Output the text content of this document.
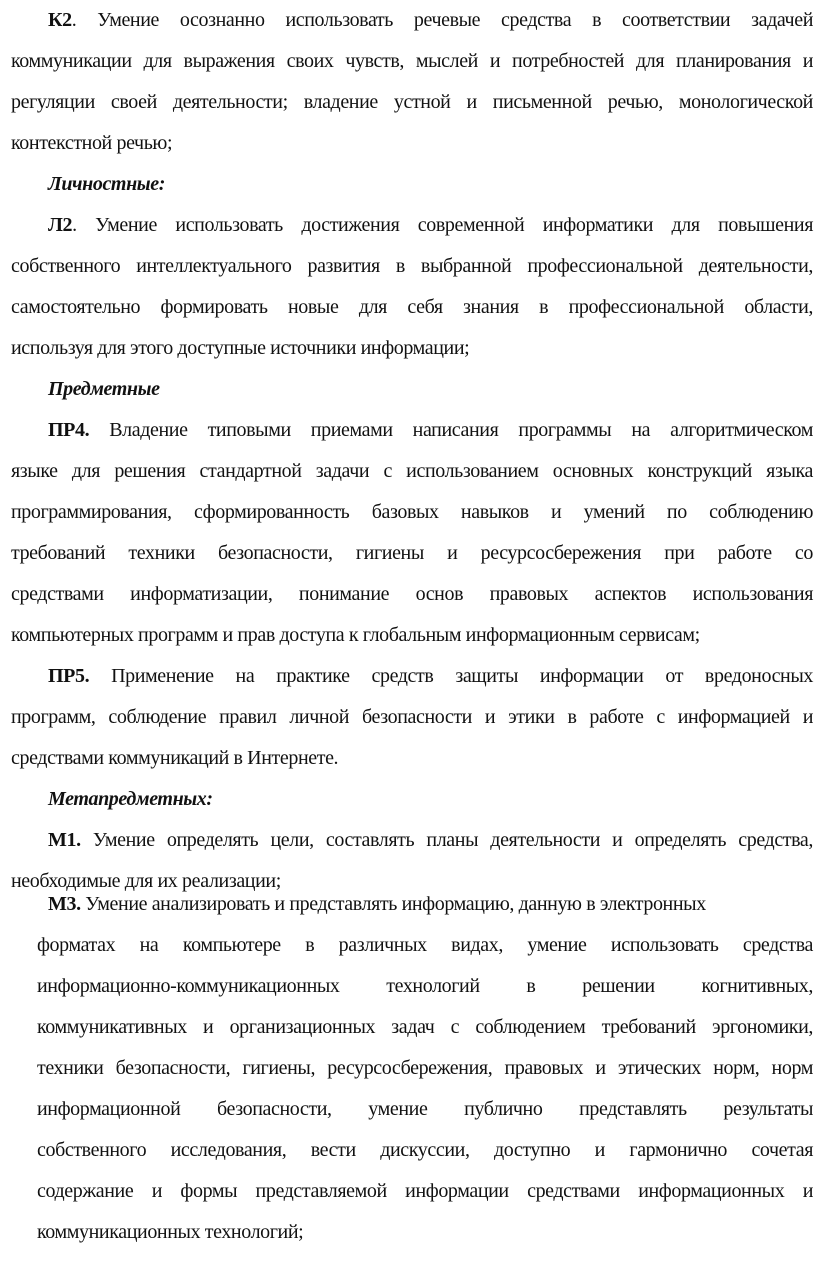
К2. Умение осознанно использовать речевые средства в соответствии задачей
коммуникации для выражения своих чувств, мыслей и потребностей для планирования и
регуляции своей деятельности; владение устной и письменной речью, монологической
контекстной речью;
Личностные:
Л2. Умение использовать достижения современной информатики для повышения
собственного интеллектуального развития в выбранной профессиональной деятельности,
самостоятельно формировать новые для себя знания в профессиональной области,
используя для этого доступные источники информации;
Предметные
ПР4. Владение типовыми приемами написания программы на алгоритмическом
языке для решения стандартной задачи с использованием основных конструкций языка
программирования, сформированность базовых навыков и умений по соблюдению
требований техники безопасности, гигиены и ресурсосбережения при работе со
средствами информатизации, понимание основ правовых аспектов использования
компьютерных программ и прав доступа к глобальным информационным сервисам;
ПР5. Применение на практике средств защиты информации от вредоносных
программ, соблюдение правил личной безопасности и этики в работе с информацией и
средствами коммуникаций в Интернете.
Метапредметных:
М1. Умение определять цели, составлять планы деятельности и определять средства,
необходимые для их реализации;
М3. Умение анализировать и представлять информацию, данную в электронных
форматах на компьютере в различных видах, умение использовать средства
информационно-коммуникационных технологий в решении когнитивных,
коммуникативных и организационных задач с соблюдением требований эргономики,
техники безопасности, гигиены, ресурсосбережения, правовых и этических норм, норм
информационной безопасности, умение публично представлять результаты
собственного исследования, вести дискуссии, доступно и гармонично сочетая
содержание и формы представляемой информации средствами информационных и
коммуникационных технологий;
